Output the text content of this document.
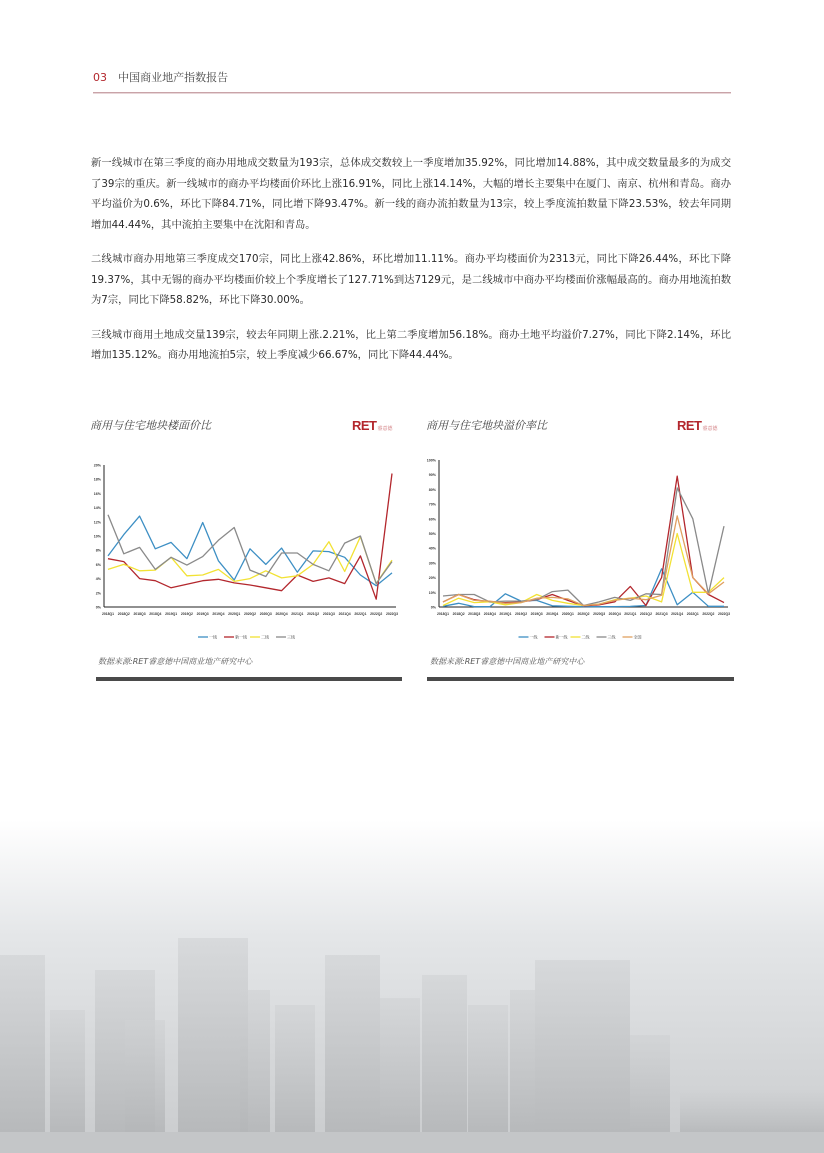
03 中国商业地产指数报告

新一线城市在第三季度的商办用地成交数量为193宗，总体成交数较上一季度增加35.92%，同比增加14.88%，其中成交数量最多的为成交了39宗的重庆。新一线城市的商办平均楼面价环比上涨16.91%，同比上涨14.14%，大幅的增长主要集中在厦门、南京、杭州和青岛。商办平均溢价为0.6%，环比下降84.71%，同比增下降93.47%。新一线的商办流拍数量为13宗，较上季度流拍数量下降23.53%，较去年同期增加44.44%，其中流拍主要集中在沈阳和青岛。

二线城市商办用地第三季度成交170宗，同比上涨42.86%，环比增加11.11%。商办平均楼面价为2313元，同比下降26.44%，环比下降19.37%，其中无锡的商办平均楼面价较上个季度增长了127.71%到达7129元，是二线城市中商办平均楼面价涨幅最高的。商办用地流拍数为7宗，同比下降58.82%，环比下降30.00%。

三线城市商用土地成交量139宗，较去年同期上涨.2.21%，比上第二季度增加56.18%。商办土地平均溢价7.27%，同比下降2.14%，环比增加135.12%。商办用地流拍5宗，较上季度减少66.67%，同比下降44.44%。

商用与住宅地块楼面价比	RET睿意德
0%
2%
4%
6%
8%
10%
12%
14%
16%
18%
20%
2018Q1 2018Q2 2018Q3 2018Q4 2019Q1 2019Q2 2019Q3 2019Q4 2020Q1 2020Q2 2020Q3 2020Q4 2021Q1 2021Q2 2021Q3 2021Q4 2022Q1 2022Q2 2022Q3
一线	新一线	二线	三线
数据来源:RET睿意德中国商业地产研究中心
商用与住宅地块溢价率比	RET睿意德
0%
10%
20%
30%
40%
50%
60%
70%
80%
90%
100%
2018Q1 2018Q2 2018Q3 2018Q4 2019Q1 2019Q2 2019Q3 2019Q4 2020Q1 2020Q2 2020Q3 2020Q4 2021Q1 2021Q2 2021Q3 2021Q4 2022Q1 2022Q2 2022Q3
一线	新一线	二线	三线	全国
数据来源:RET睿意德中国商业地产研究中心
